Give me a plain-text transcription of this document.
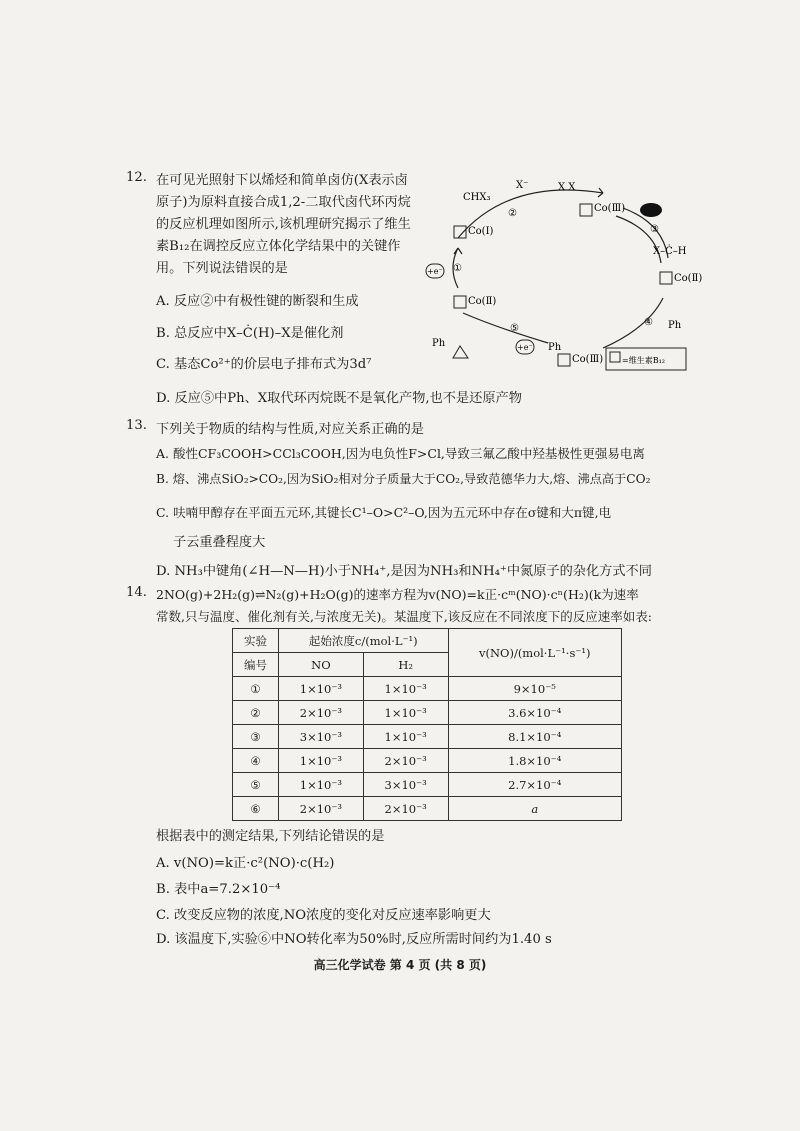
12. 在可见光照射下以烯烃和简单卤仿(X表示卤
原子)为原料直接合成1,2-二取代卤代环丙烷
的反应机理如图所示,该机理研究揭示了维生
素B₁₂在调控反应立体化学结果中的关键作
用。下列说法错误的是
A. 反应②中有极性键的断裂和生成
B. 总反应中X–Ċ(H)–X是催化剂
C. 基态Co²⁺的价层电子排布式为3d⁷
D. 反应⑤中Ph、X取代环丙烷既不是氧化产物,也不是还原产物
②
③
④
⑤
①
CHX₃
X⁻
Co(Ⅰ)
X X
Co(Ⅲ)
X–Ċ–H
Co(Ⅱ)
Ph
+e⁻
Co(Ⅱ)
+e⁻
Ph	Ph
Co(Ⅲ) =维生素B₁₂
13. 下列关于物质的结构与性质,对应关系正确的是
A. 酸性CF₃COOH>CCl₃COOH,因为电负性F>Cl,导致三氟乙酸中羟基极性更强易电离
B. 熔、沸点SiO₂>CO₂,因为SiO₂相对分子质量大于CO₂,导致范德华力大,熔、沸点高于CO₂
C. 呋喃甲醇存在平面五元环,其键长C¹–O>C²–O,因为五元环中存在σ键和大π键,电
子云重叠程度大
D. NH₃中键角(∠H—N—H)小于NH₄⁺,是因为NH₃和NH₄⁺中氮原子的杂化方式不同
14. 2NO(g)+2H₂(g)⇌N₂(g)+H₂O(g)的速率方程为v(NO)=k正·cᵐ(NO)·cⁿ(H₂)(k为速率
常数,只与温度、催化剂有关,与浓度无关)。某温度下,该反应在不同浓度下的反应速率如表:
实验	起始浓度c/(mol·L⁻¹)		v(NO)/(mol·L⁻¹·s⁻¹)
编号	NO	H₂	
①	1×10⁻³	1×10⁻³	9×10⁻⁵
②	2×10⁻³	1×10⁻³	3.6×10⁻⁴
③	3×10⁻³	1×10⁻³	8.1×10⁻⁴
④	1×10⁻³	2×10⁻³	1.8×10⁻⁴
⑤	1×10⁻³	3×10⁻³	2.7×10⁻⁴
⑥	2×10⁻³	2×10⁻³	a
根据表中的测定结果,下列结论错误的是
A. v(NO)=k正·c²(NO)·c(H₂)
B. 表中a=7.2×10⁻⁴
C. 改变反应物的浓度,NO浓度的变化对反应速率影响更大
D. 该温度下,实验⑥中NO转化率为50%时,反应所需时间约为1.40 s
高三化学试卷 第 4 页 (共 8 页)
